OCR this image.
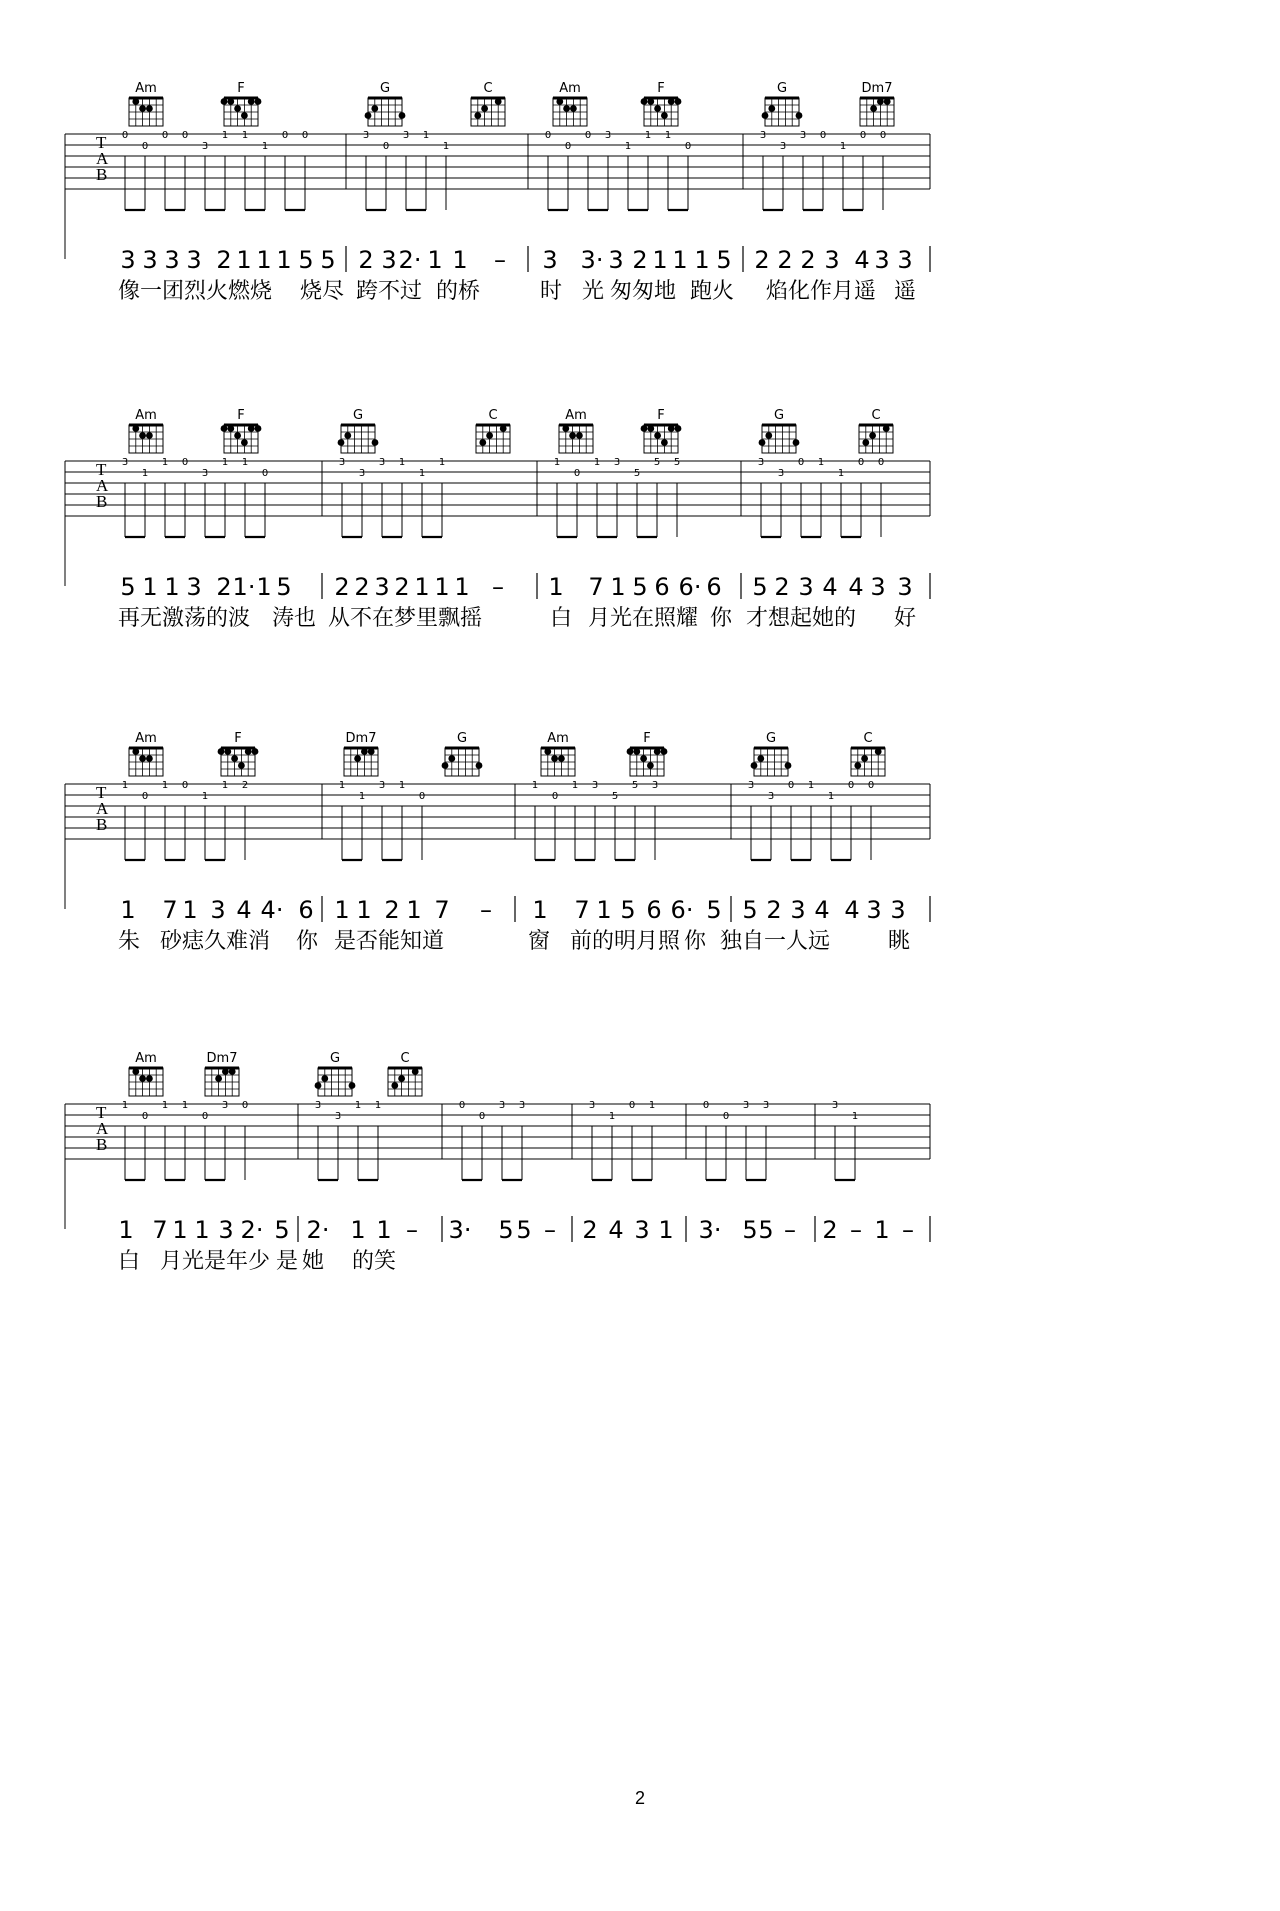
Am	F	G	C	Am	F	G	Dm7
T
A
B
0
0
0 0
3
1 1
1
0 0	3
0
3 1
1
0
0
0 3
1
1 1
0
3
3
3 0
1
0 0
3 3 3 3 2 1 1 1 5 5 2 3 2· 1 1 – 3 3· 3 2 1 1 1 5 2 2 2 3 4 3 3
像一团烈火燃烧 烧尽 跨不过 的桥	时 光 匆匆地 跑火 焰化作月遥 遥
Am	F	G	C	Am	F	G	C
T
A
B
3
1
1 0
3
1 1
0
3
3
3 1
1
1	1
0
1 3
5
5 5	3
3
0 1
1
0 0
5 1 1 3 2 1· 1 5 2 2 3 2 1 1 1 – 1 7 1 5 6 6· 6 5 2 3 4 4 3 3
再无激荡的波 涛也 从不在梦里飘摇	白 月光在照耀 你 才想起她的 好
Am	F	Dm7	G	Am	F	G	C
T
A
B
1
0
1 0
1
1 2	1
1
3 1
0
1
0
1 3
5
5 3	3
3
0 1
1
0 0
1 7 1 3 4 4· 6 1 1 2 1 7 – 1 7 1 5 6 6· 5 5 2 3 4 4 3 3
朱 砂痣久难消 你 是否能知道	窗 前的明月照 你 独自一人远	眺
Am	Dm7	G	C
T
A
B
1
0
1 1
0
3 0	3
3
1 1	0
0
3 3	3
1
0 1	0
0
3 3	3
1
1 7 1 1 3 2· 5 2· 1 1 – 3· 5 5 – 2 4 3 1 3· 5 5 – 2 – 1 –
白 月光是年少 是 她 的笑
2
